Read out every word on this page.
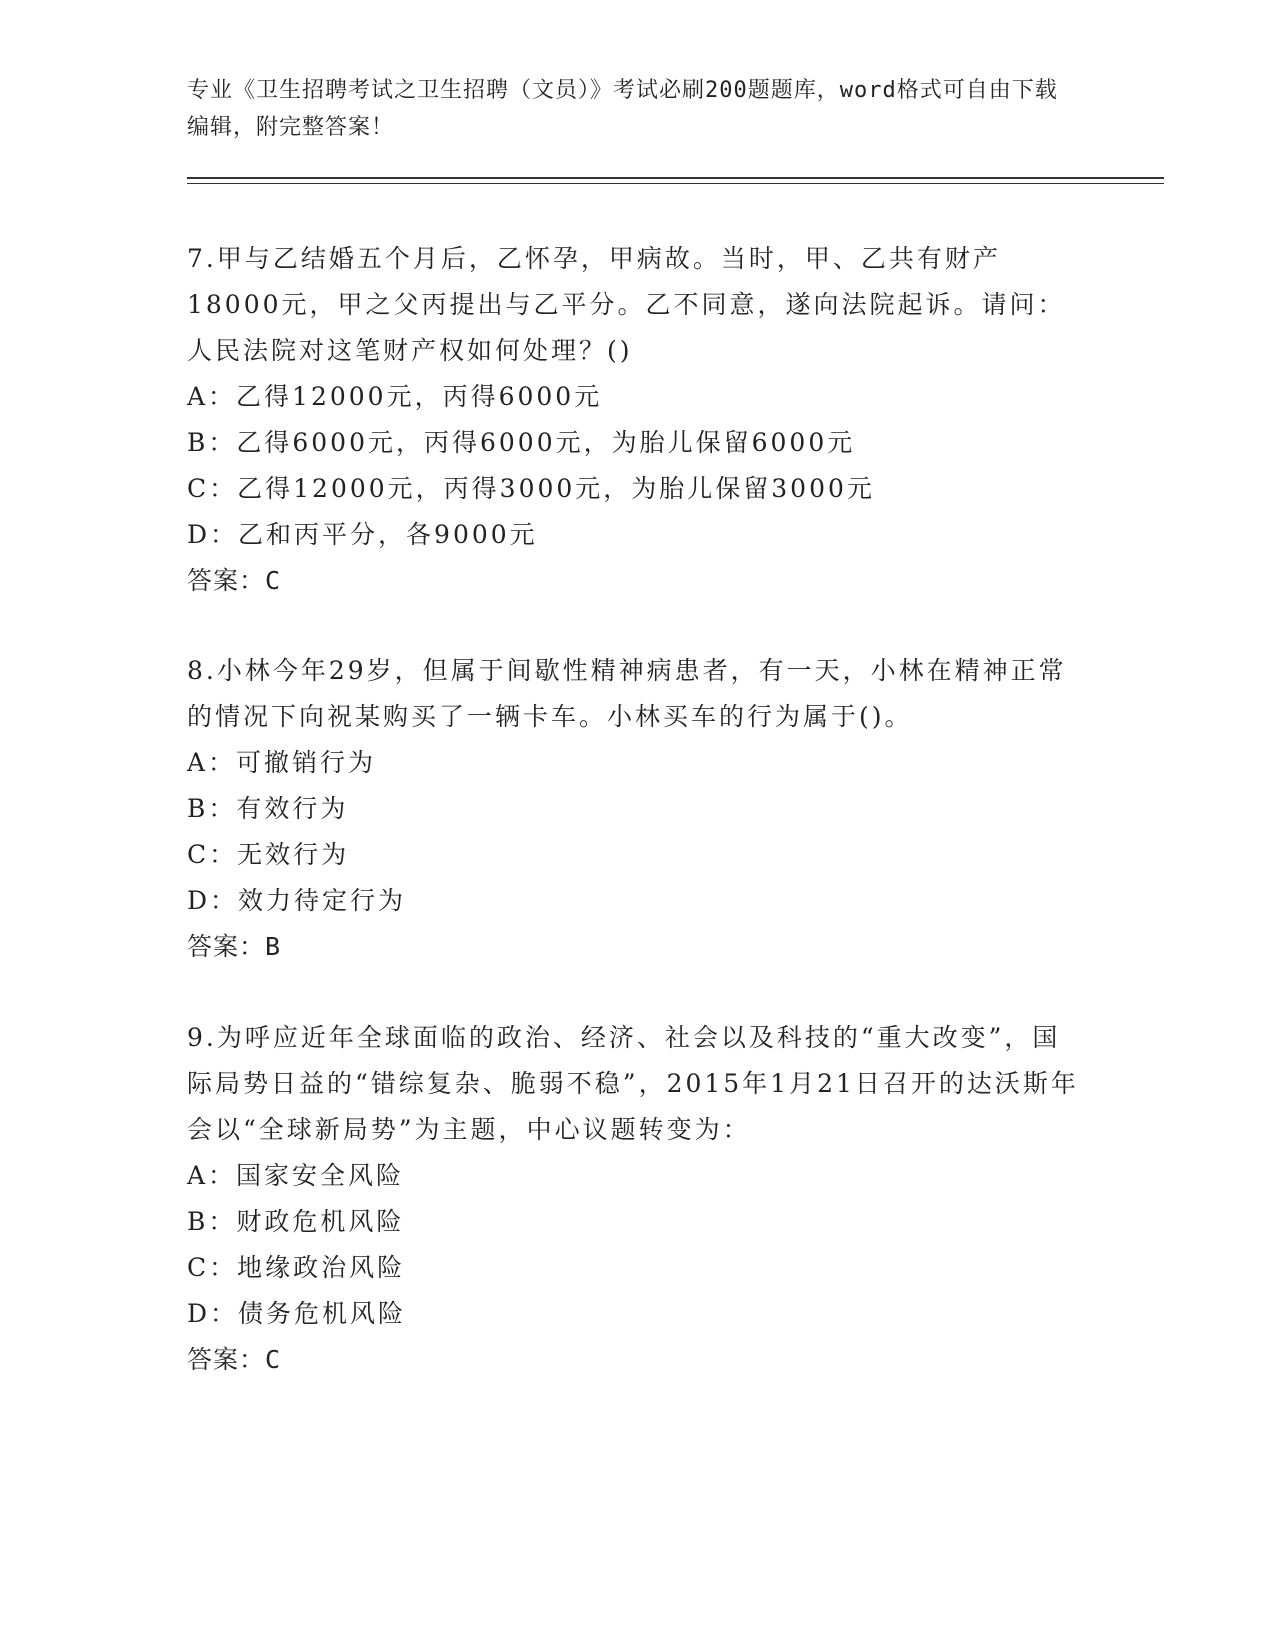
专业《卫生招聘考试之卫生招聘（文员）》考试必刷200题题库，word格式可自由下载编辑，附完整答案！

7.甲与乙结婚五个月后，乙怀孕，甲病故。当时，甲、乙共有财产18000元，甲之父丙提出与乙平分。乙不同意，遂向法院起诉。请问：人民法院对这笔财产权如何处理？()

A：乙得12000元，丙得6000元

B：乙得6000元，丙得6000元，为胎儿保留6000元

C：乙得12000元，丙得3000元，为胎儿保留3000元

D：乙和丙平分，各9000元

答案：C

8.小林今年29岁，但属于间歇性精神病患者，有一天，小林在精神正常的情况下向祝某购买了一辆卡车。小林买车的行为属于()。

A：可撤销行为

B：有效行为

C：无效行为

D：效力待定行为

答案：B

9.为呼应近年全球面临的政治、经济、社会以及科技的“重大改变”，国际局势日益的“错综复杂、脆弱不稳”，2015年1月21日召开的达沃斯年会以“全球新局势”为主题，中心议题转变为：

A：国家安全风险

B：财政危机风险

C：地缘政治风险

D：债务危机风险

答案：C
